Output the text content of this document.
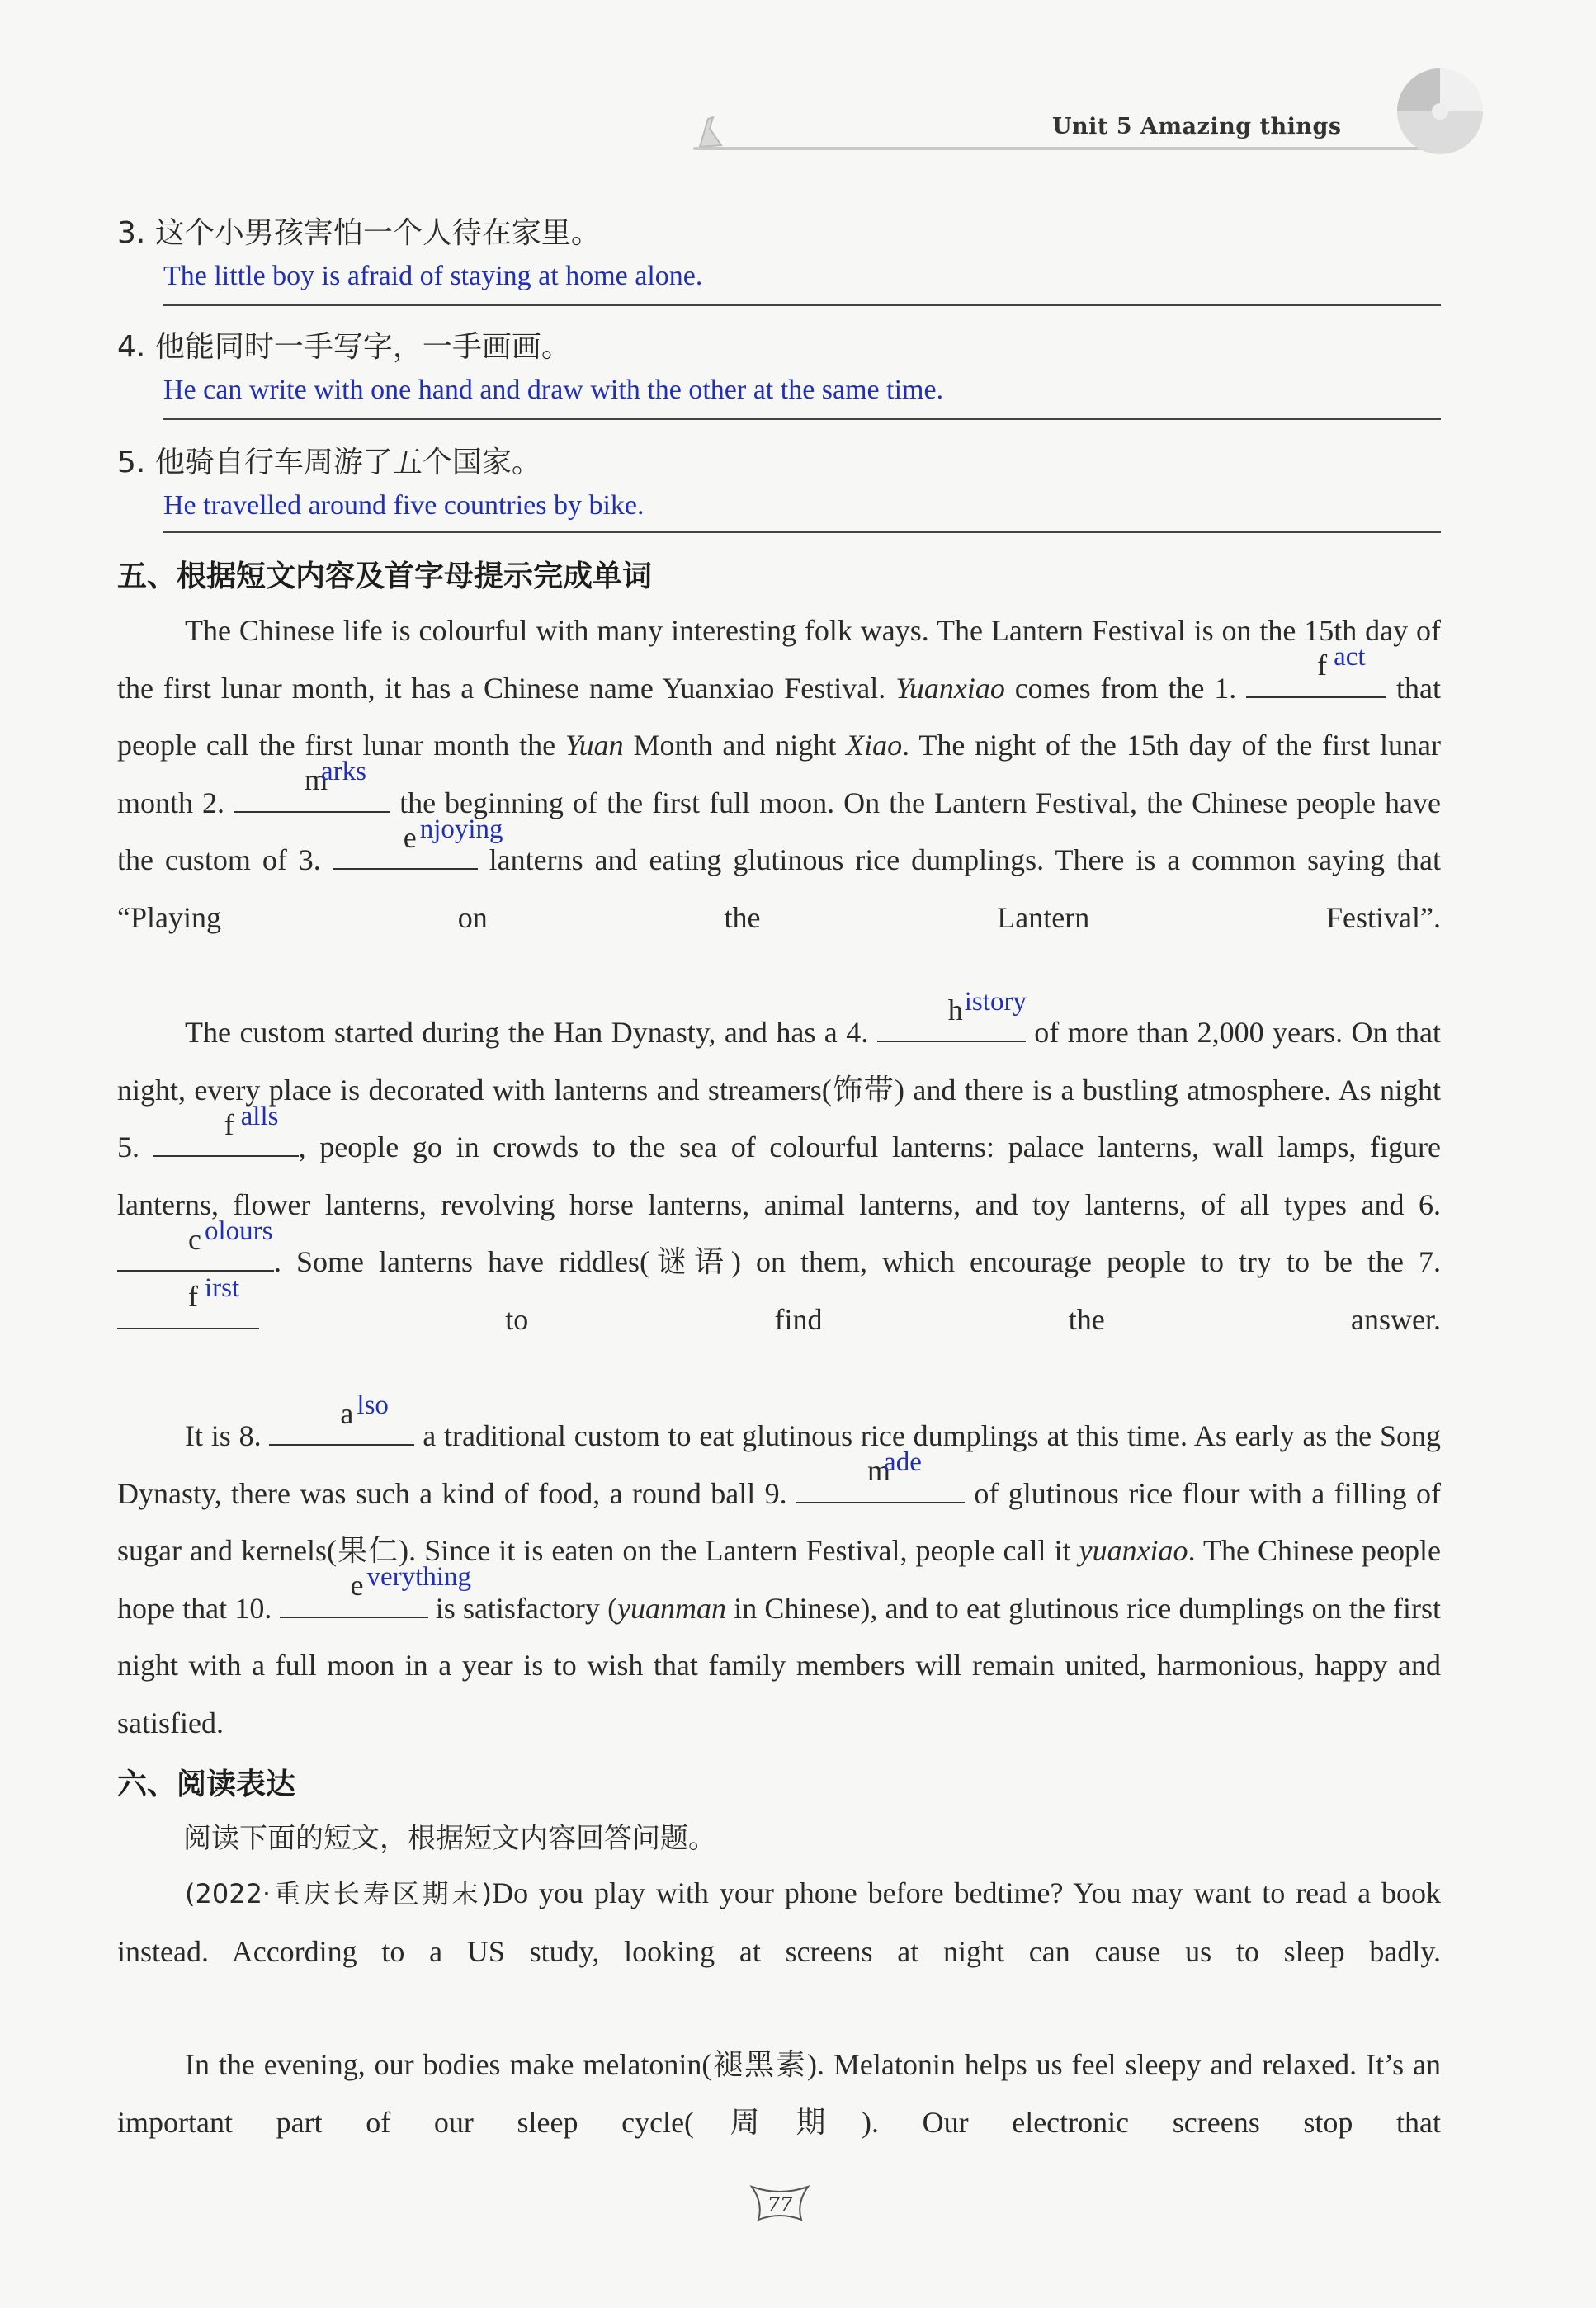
Unit 5 Amazing things
3. 这个小男孩害怕一个人待在家里。
The little boy is afraid of staying at home alone.
4. 他能同时一手写字，一手画画。
He can write with one hand and draw with the other at the same time.
5. 他骑自行车周游了五个国家。
He travelled around five countries by bike.
五、根据短文内容及首字母提示完成单词
The Chinese life is colourful with many interesting folk ways. The Lantern Festival is on the 15th day of the first lunar month, it has a Chinese name Yuanxiao Festival. Yuanxiao comes from the 1.
f act
that people call the first lunar month the Yuan Month and night Xiao. The night of the 15th day of the first lunar month 2.
m
arks
the beginning of the first full moon. On the Lantern Festival, the Chinese people have the custom of 3.
e njoying
lanterns and eating glutinous rice dumplings. There is a common saying that “Playing on the Lantern Festival”.
The custom started during the Han Dynasty, and has a 4.
h istory
of more than 2,000 years. On that night, every place is decorated with lanterns and streamers(饰带) and there is a bustling atmosphere. As night 5.
f alls
, people go in crowds to the sea of colourful lanterns: palace lanterns, wall lamps, figure lanterns, flower lanterns, revolving horse lanterns, animal lanterns, and toy lanterns, of all types and 6.
c olours
. Some lanterns have riddles(谜语) on them, which encourage people to try to be the 7.
f irst
to find the answer.
It is 8.
a lso
a traditional custom to eat glutinous rice dumplings at this time. As early as the Song Dynasty, there was such a kind of food, a round ball 9.
m
ade
of glutinous rice flour with a filling of sugar and kernels(果仁). Since it is eaten on the Lantern Festival, people call it yuanxiao. The Chinese people hope that 10.
e verything
is satisfactory (yuanman in Chinese), and to eat glutinous rice dumplings on the first night with a full moon in a year is to wish that family members will remain united, harmonious, happy and satisfied.
六、阅读表达
阅读下面的短文，根据短文内容回答问题。
(2022·重庆长寿区期末)Do you play with your phone before bedtime? You may want to read a book instead. According to a US study, looking at screens at night can cause us to sleep badly.
In the evening, our bodies make melatonin(褪黑素). Melatonin helps us feel sleepy and relaxed. It’s an important part of our sleep cycle(周期). Our electronic screens stop that
77
